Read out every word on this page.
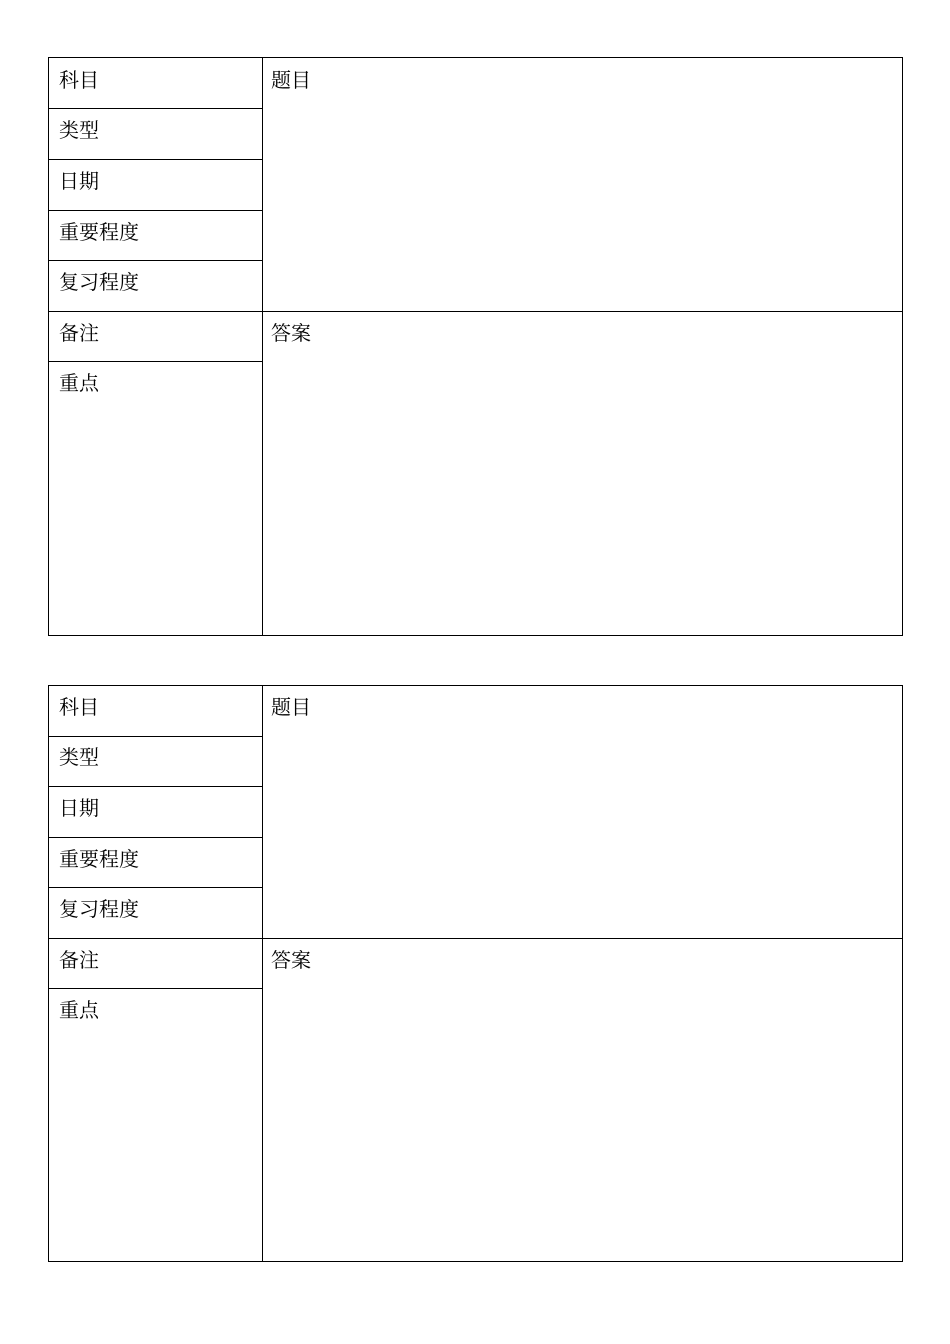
科目
类型
日期
重要程度
复习程度
备注
重点
题目
答案
科目
类型
日期
重要程度
复习程度
备注
重点
题目
答案
